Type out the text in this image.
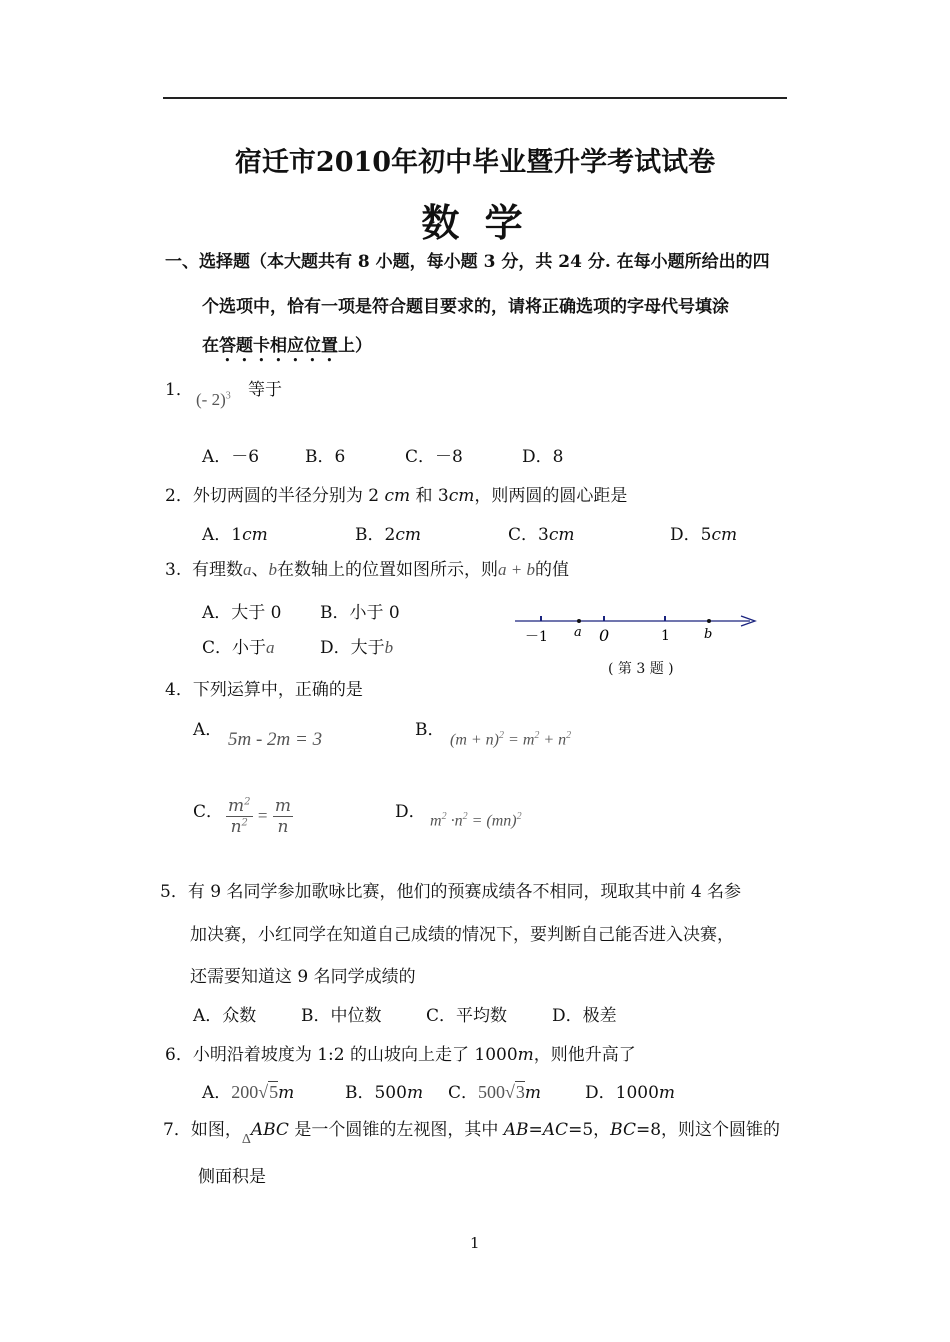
宿迁市2010年初中毕业暨升学考试试卷
数 学
一、选择题（本大题共有 8 小题，每小题 3 分，共 24 分. 在每小题所给出的四
个选项中，恰有一项是符合题目要求的，请将正确选项的字母代号填涂
在答题卡相应位置上）
1． (- 2)$^3$ 等于
A．－6	B．6	C．－8	D．8
2．外切两圆的半径分别为 2 cm 和 3cm，则两圆的圆心距是
A．1cm	B．2cm	C．3cm	D．5cm
3. 有理数a、b在数轴上的位置如图所示，则a + b的值
A．大于 0 B．小于 0
C．小于a	D．大于b
－1 a 0	1	b
( 第 3 题 )
4．下列运算中，正确的是
A． 5m - 2m = 3	B． $(m + n)^2 = m^2 + n^2$
C． $\frac{m^2}{n^2} = \frac{m}{n}$	D． $m^2 \cdot n^2 = (mn)^2$
5．有 9 名同学参加歌咏比赛，他们的预赛成绩各不相同，现取其中前 4 名参
加决赛，小红同学在知道自己成绩的情况下，要判断自己能否进入决赛，
还需要知道这 9 名同学成绩的
A．众数	B．中位数	C．平均数	D．极差
6．小明沿着坡度为 1:2 的山坡向上走了 1000m，则他升高了
A．200√5m	B．500m C．500√3m	D．1000m
7．如图，$_\Delta$ABC 是一个圆锥的左视图，其中 AB=AC=5，BC=8，则这个圆锥的
侧面积是
1
